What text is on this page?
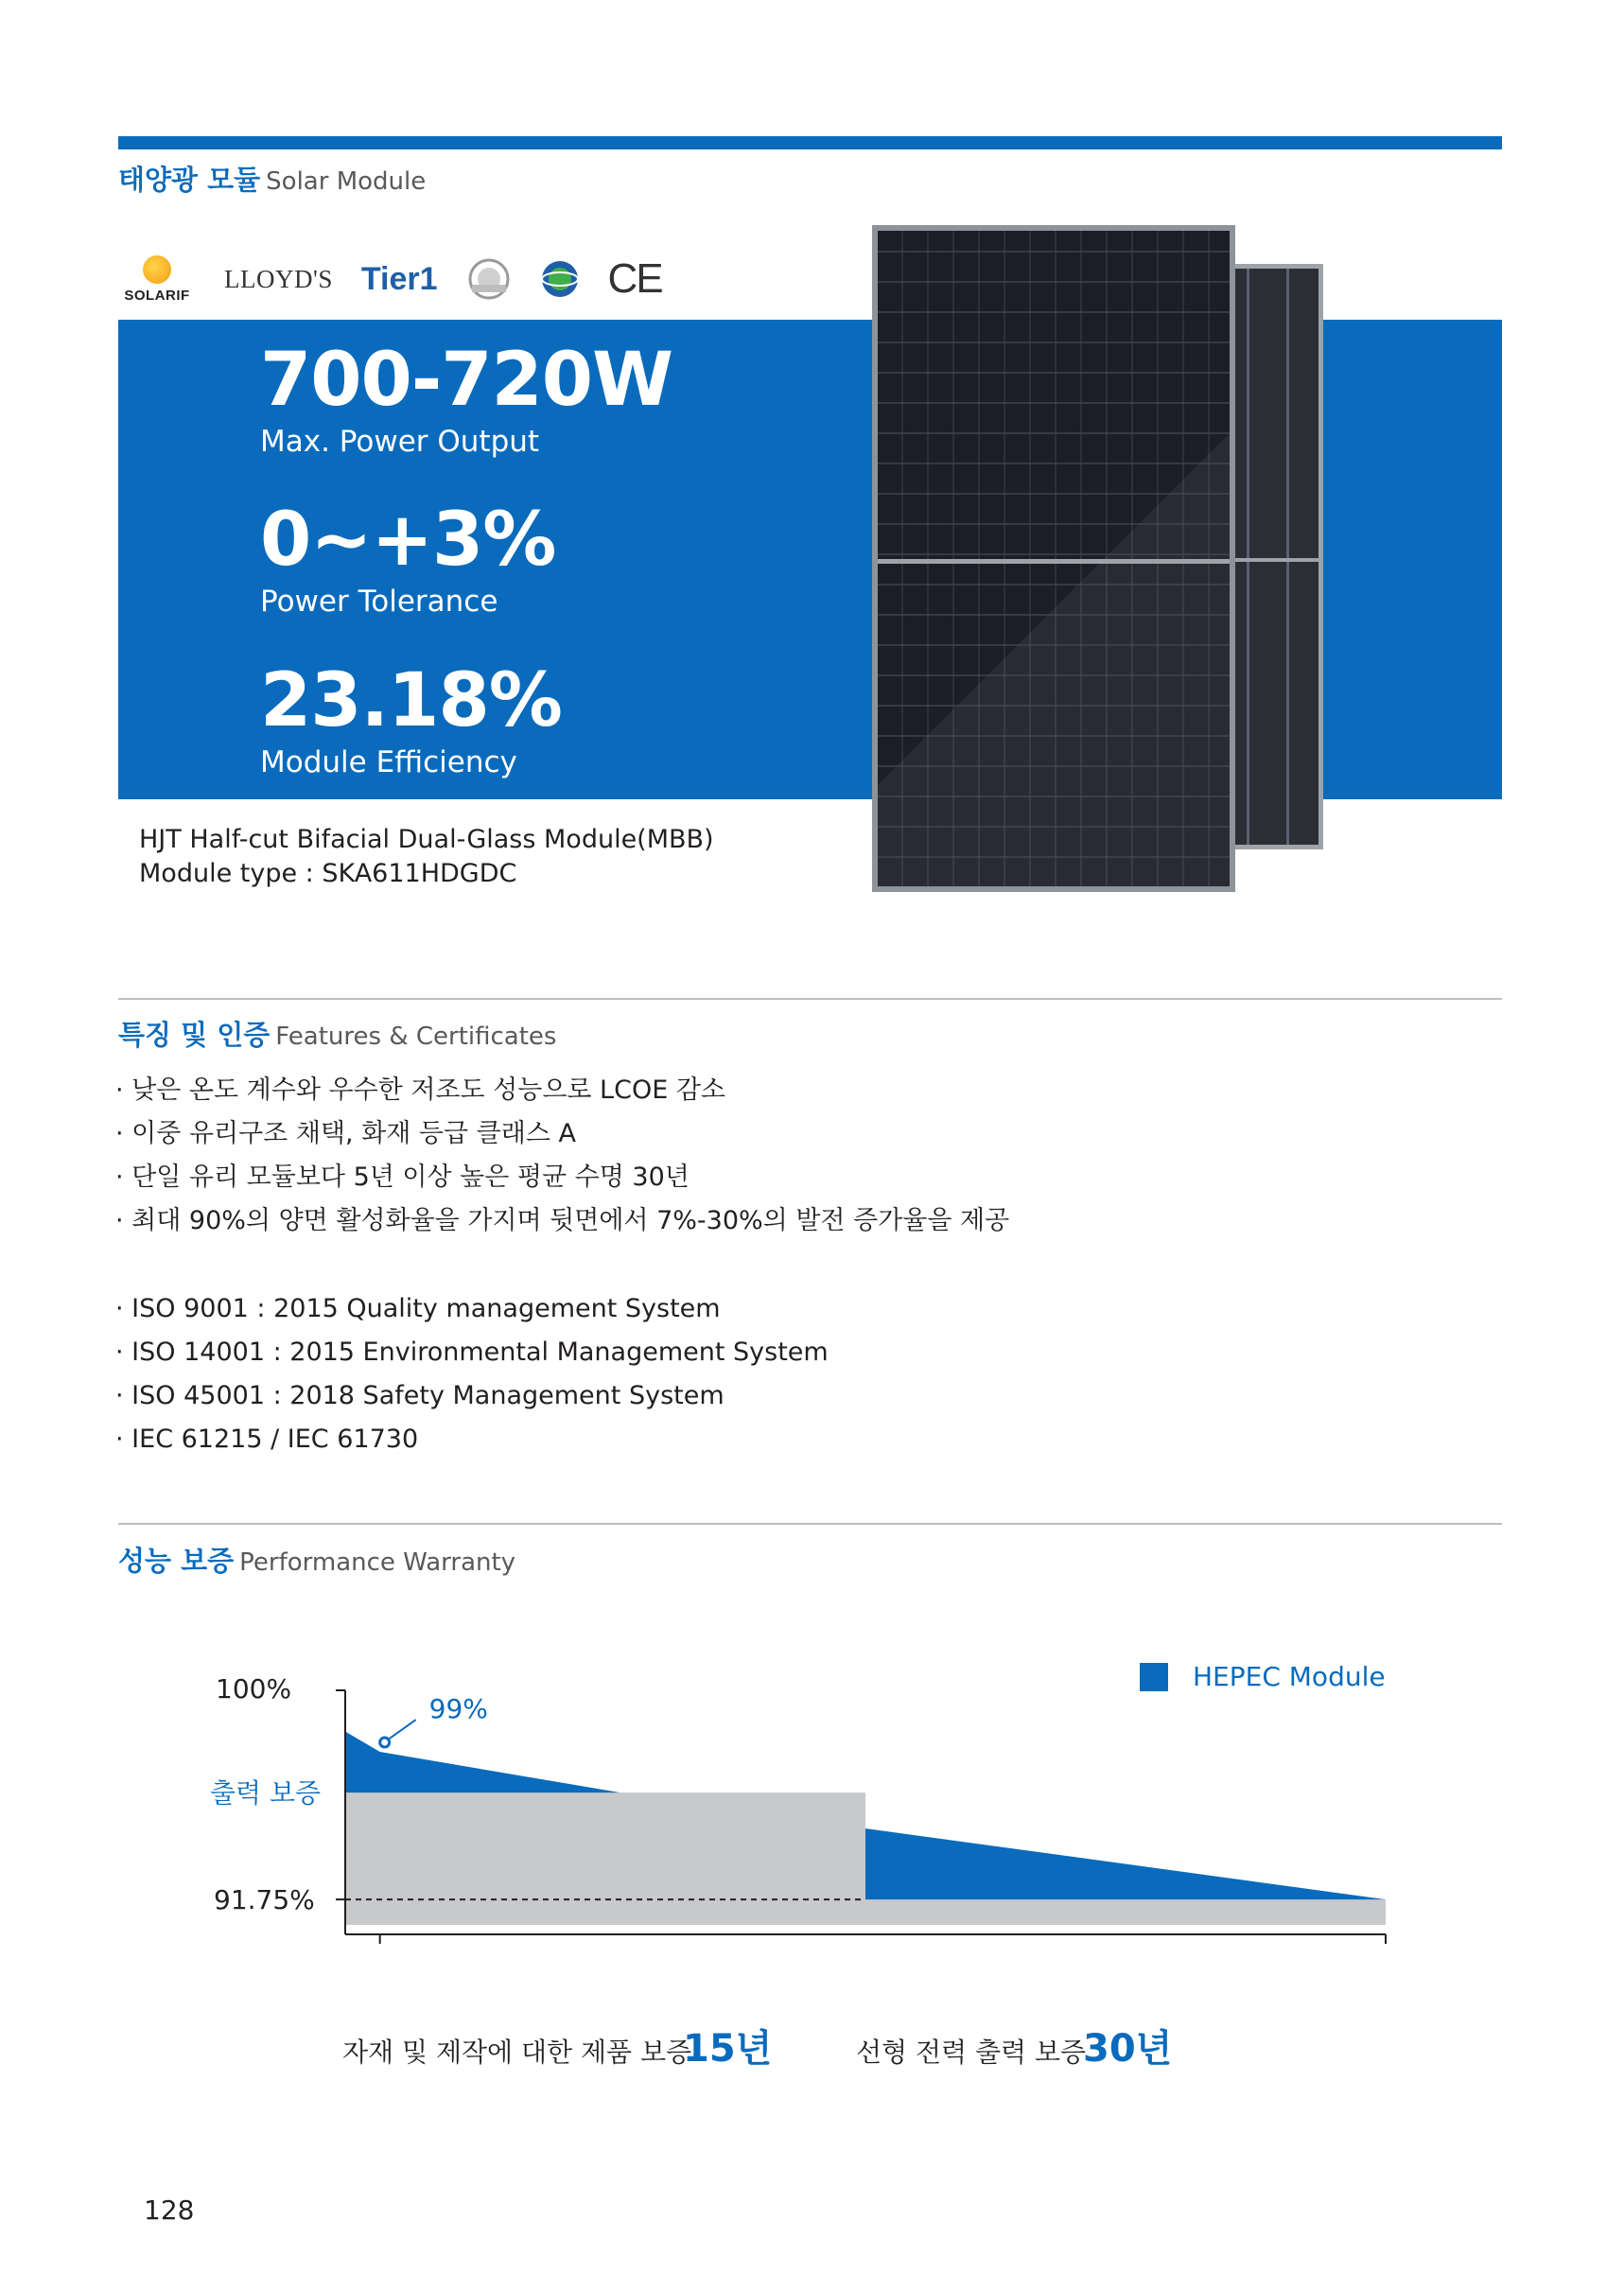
태양광 모듈 Solar Module
SOLARIF
LLOYD'S Tier1	CE
700-720W
Max. Power Output
0~+3%
Power Tolerance
23.18%
Module Efficiency
HJT Half-cut Bifacial Dual-Glass Module(MBB)
Module type : SKA611HDGDC
특징 및 인증 Features & Certificates
· 낮은 온도 계수와 우수한 저조도 성능으로 LCOE 감소
· 이중 유리구조 채택, 화재 등급 클래스 A
· 단일 유리 모듈보다 5년 이상 높은 평균 수명 30년
· 최대 90%의 양면 활성화율을 가지며 뒷면에서 7%-30%의 발전 증가율을 제공
· ISO 9001 : 2015 Quality management System
· ISO 14001 : 2015 Environmental Management System
· ISO 45001 : 2018 Safety Management System
· IEC 61215 / IEC 61730
성능 보증 Performance Warranty
100%
출력 보증
91.75%
99%
자재 및 제작에 대한 제품 보증
15년	선형 전력 출력 보증
30년
HEPEC Module
128
